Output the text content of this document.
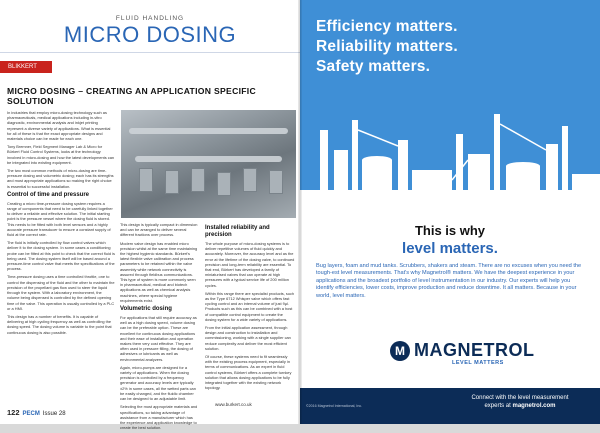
FLUID HANDLING
MICRO DOSING
BLIKKERT
MICRO DOSING – CREATING AN APPLICATION SPECIFIC SOLUTION

In industries that employ micro-dosing technology such as pharmaceuticals, medical applications including in-vitro diagnostic, environmental analysis and inkjet printing represent a diverse variety of applications. What is essential for all of these is that the exact appropriate designs and materials choice can be made for each one.

Tony Bremner, Field Segment Manager Lab & Micro for Bürkert Fluid Control Systems, looks at the technology involved in micro-dosing and how the latest developments can be integrated into existing equipment.

The two most common methods of micro-dosing are time-pressure dosing and volumetric dosing; each has its strengths and most appropriate applications so making the right choice is essential to successful installation.

Control of time and pressure

Creating a micro time-pressure dosing system requires a range of components that need to be carefully linked together to deliver a reliable and effective solution. The initial starting point is the pressure vessel where the dosing fluid is stored. This needs to be fitted with both level sensors and a highly accurate pressure transducer to ensure a constant supply of fluid at the correct rate.

The fluid is initially controlled by flow control valves which deliver it to the dosing system. In some cases a conditioning probe can be fitted at this point to check that the correct fluid is being used. The dosing system itself will be based around a pressure-time control valve that meets the specifications of the process.

Time-pressure dosing uses a time controlled throttle, one to control the dispensing of the fluid and the other to maintain the precision of the propellant gas flow used to steer the liquid through the system. With a laboratory environment, the volume being dispensed is controlled by the defined opening time of the valve. This operation is usually controlled by a PLC or a HMI.

This design has a number of benefits. It is capable of delivering at high cycling frequency as well as controlling the dosing speed. The dosing volume is variable to the point that continuous dosing is also possible.

This design is typically compact in dimension and can be arranged to deliver several different fractions over process.

Modern valve design has enabled micro precision whilst at the same time maintaining the highest hygienic standards. Bürkert's latest flexible valve calibration and process parameters to be retained within the valve assembly while network connectivity is assured through fieldbus communications. This type of system is more commonly seen in pharmaceutical, medical and biotech applications as well as chemical analysis machines, where special hygiene requirements exist.

Volumetric dosing

For applications that still require accuracy as well as a high dosing speed, volume dosing can be the preferable option. These are excellent for continuous dosing applications and their ease of installation and operation makes them very cost effective. They are often used in pressure filling, the dosing of adhesives or lubricants as well as environmental analyzers.

Again, micro-pumps are designed for a variety of applications. When the dosing precision is controlled by a frequency generator and accuracy levels are typically ±2% in some cases, all the wetted parts can be easily changed, and the fluidic chamber can be designed to an adjustable limit.

Selecting the most appropriate materials and specifications, so taking advantage of assistance from a manufacturer which has the experience and application knowledge to create the best solution.

Installed reliability and precision

The whole purpose of micro-dosing systems is to deliver repetitive volumes of fluid quickly and accurately. Moreover, the accuracy level and as the error at the lifetime of the dosing valve, to continued precision and long-term reliability are essential. To that end, Bürkert has developed a family of miniaturised valves that can operate at high pressures with a typical service life of 200 million cycles.

Within this range there are specialist products, such as the Type 6712 Whisper valve which offers fast cycling control and an internal volume of just 9µl. Products such as this can be combined with a host of compatible control equipment to create the dosing system for a wide variety of applications.

From the initial application assessment, through design and construction to installation and commissioning, working with a single supplier can reduce complexity and deliver the most efficient solution.

Of course, these systems need to fit seamlessly with the existing process equipment, especially in terms of communications. As an expert in fluid control systems, Bürkert offers a complete turnkey solution that allows dosing applications to be fully integrated together with the existing network topology.

www.burkert.co.uk
122 PECM Issue 28
Efficiency matters.
Reliability matters.
Safety matters.
This is why
level matters.
Bug layers, foam and mud tanks. Scrubbers, shakers and steam. There are no excuses when you need the tough-est level measurements. That's why Magnetrol® matters. We have the deepest experience in your applications and the broadest portfolio of level instrumentation in our industry. Our experts will help you identify efficiencies, lower costs, improve production and reduce downtime. It all matters. Because in your world, level matters.
M MAGNETROL
LEVEL MATTERS
©2016 Magnetrol International, Inc.
Connect with the level measurement
experts at magnetrol.com
